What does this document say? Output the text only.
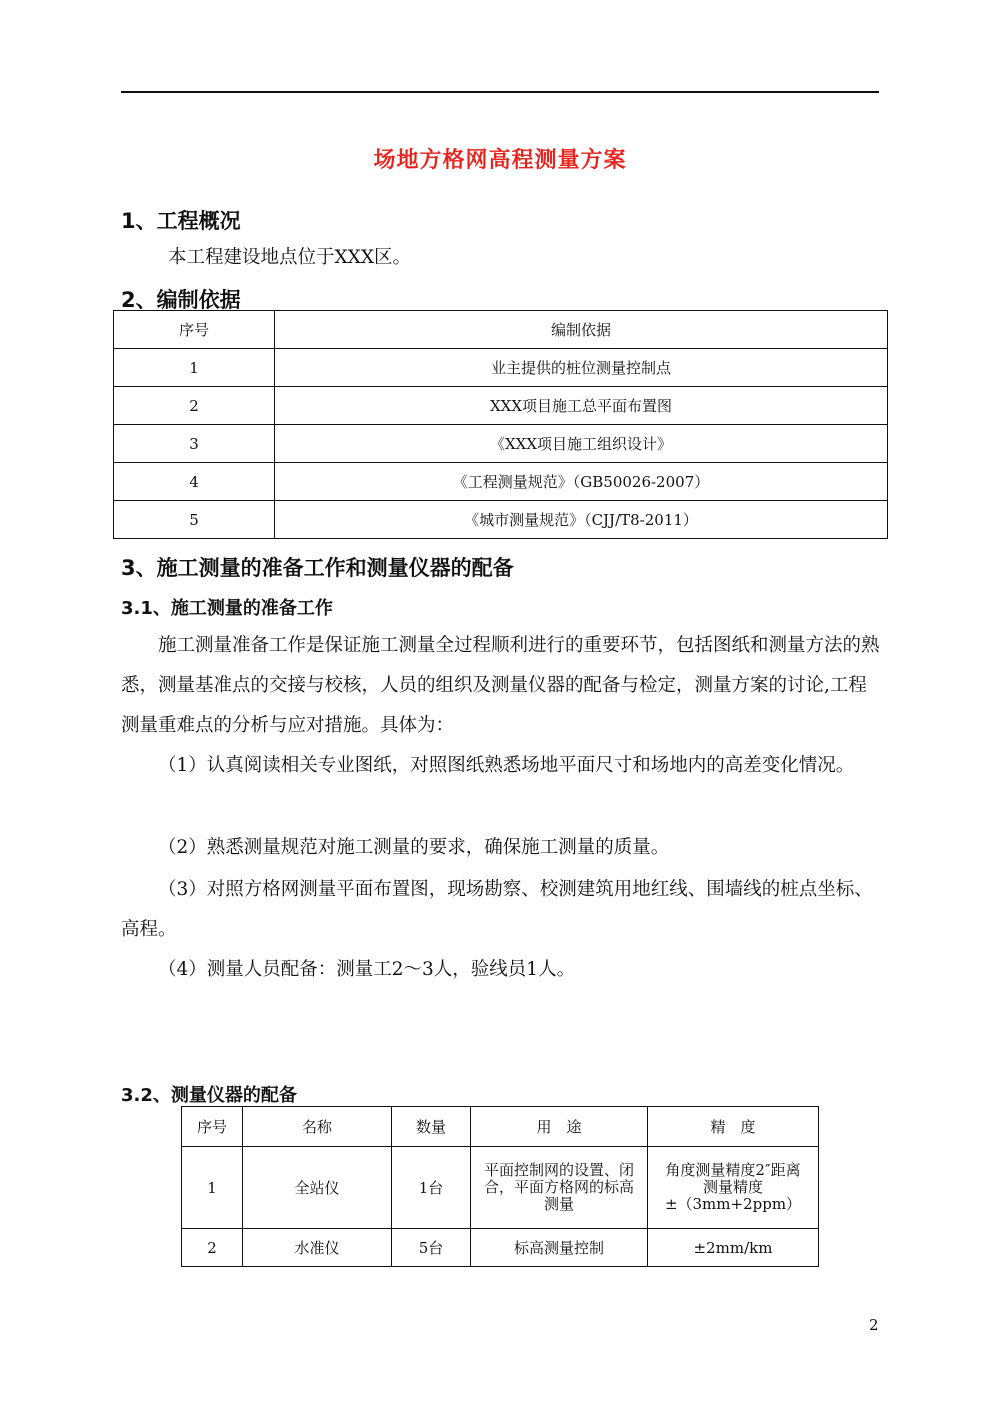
场地方格网高程测量方案
1、工程概况
本工程建设地点位于XXX区。
2、编制依据
序号	编制依据
1	业主提供的桩位测量控制点
2	XXX项目施工总平面布置图
3	《XXX项目施工组织设计》
4	《工程测量规范》（GB50026-2007）
5	《城市测量规范》（CJJ/T8-2011）
3、施工测量的准备工作和测量仪器的配备
3.1、施工测量的准备工作
施工测量准备工作是保证施工测量全过程顺利进行的重要环节，包括图纸和测量方法的熟悉，测量基准点的交接与校核，人员的组织及测量仪器的配备与检定，测量方案的讨论,工程测量重难点的分析与应对措施。具体为：
（1）认真阅读相关专业图纸，对照图纸熟悉场地平面尺寸和场地内的高差变化情况。
（2）熟悉测量规范对施工测量的要求，确保施工测量的质量。
（3）对照方格网测量平面布置图，现场勘察、校测建筑用地红线、围墙线的桩点坐标、高程。
（4）测量人员配备：测量工2～3人，验线员1人。
3.2、测量仪器的配备
序号	名称	数量	用　途	精　度
1	全站仪	1台	平面控制网的设置、闭合，平面方格网的标高测量	角度测量精度2″距离测量精度±（3mm+2ppm）
2	水准仪	5台	标高测量控制	±2mm/km
2
